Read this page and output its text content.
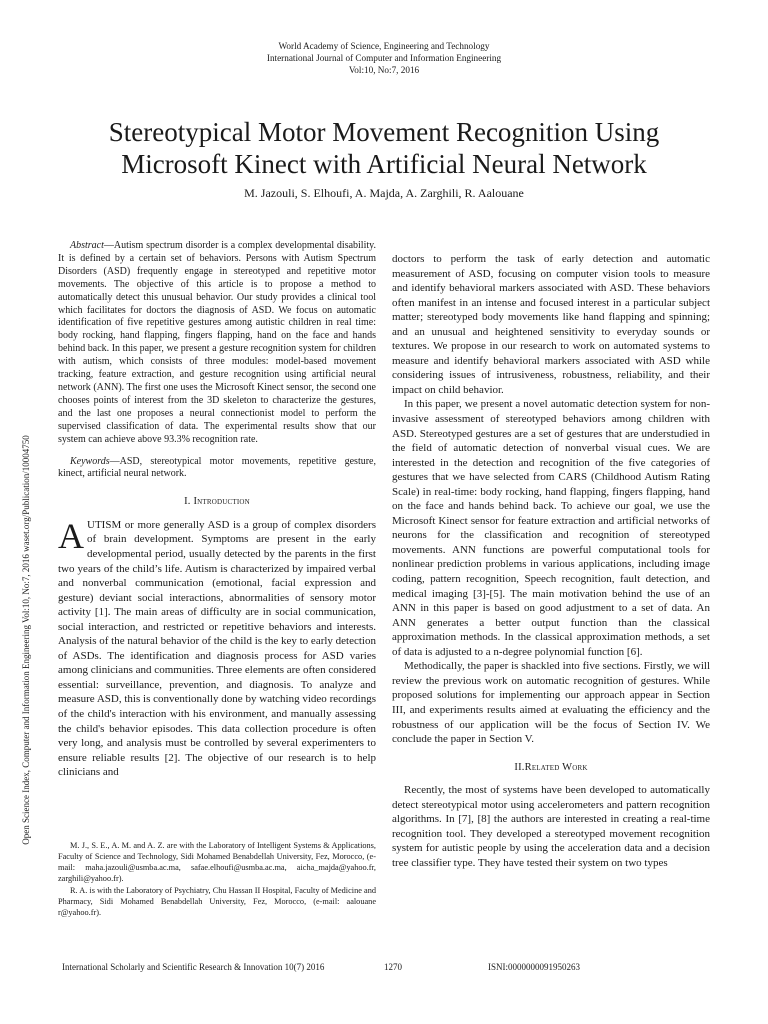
World Academy of Science, Engineering and Technology
International Journal of Computer and Information Engineering
Vol:10, No:7, 2016
Stereotypical Motor Movement Recognition Using
Microsoft Kinect with Artificial Neural Network
M. Jazouli, S. Elhoufi, A. Majda, A. Zarghili, R. Aalouane
Open Science Index, Computer and Information Engineering Vol:10, No:7, 2016 waset.org/Publication/10004750

Abstract—Autism spectrum disorder is a complex developmental disability. It is defined by a certain set of behaviors. Persons with Autism Spectrum Disorders (ASD) frequently engage in stereotyped and repetitive motor movements. The objective of this article is to propose a method to automatically detect this unusual behavior. Our study provides a clinical tool which facilitates for doctors the diagnosis of ASD. We focus on automatic identification of five repetitive gestures among autistic children in real time: body rocking, hand flapping, fingers flapping, hand on the face and hands behind back. In this paper, we present a gesture recognition system for children with autism, which consists of three modules: model-based movement tracking, feature extraction, and gesture recognition using artificial neural network (ANN). The first one uses the Microsoft Kinect sensor, the second one chooses points of interest from the 3D skeleton to characterize the gestures, and the last one proposes a neural connectionist model to perform the supervised classification of data. The experimental results show that our system can achieve above 93.3% recognition rate.

Keywords—ASD, stereotypical motor movements, repetitive gesture, kinect, artificial neural network.

I. Introduction

AUTISM or more generally ASD is a group of complex disorders of brain development. Symptoms are present in the early developmental period, usually detected by the parents in the first two years of the child’s life. Autism is characterized by impaired verbal and nonverbal communication (emotional, facial expression and gesture) deviant social interactions, abnormalities of sensory motor activity [1]. The main areas of difficulty are in social communication, social interaction, and restricted or repetitive behaviors and interests. Analysis of the natural behavior of the child is the key to early detection of ASDs. The identification and diagnosis process for ASD varies among clinicians and communities. Three elements are often considered essential: surveillance, prevention, and diagnosis. To analyze and measure ASD, this is conventionally done by watching video recordings of the child's interaction with his environment, and manually assessing the child's behavior episodes. This data collection procedure is often very long, and analysis must be controlled by several experimenters to ensure reliable results [2]. The objective of our research is to help clinicians and

doctors to perform the task of early detection and automatic measurement of ASD, focusing on computer vision tools to measure and identify behavioral markers associated with ASD. These behaviors often manifest in an intense and focused interest in a particular subject matter; stereotyped body movements like hand flapping and spinning; and an unusual and heightened sensitivity to everyday sounds or textures. We propose in our research to work on automated systems to measure and identify behavioral markers associated with ASD while considering issues of intrusiveness, robustness, reliability, and their impact on child behavior.

In this paper, we present a novel automatic detection system for non-invasive assessment of stereotyped behaviors among children with ASD. Stereotyped gestures are a set of gestures that are understudied in the field of automatic detection of nonverbal visual cues. We are interested in the detection and recognition of the five categories of gestures that we have selected from CARS (Childhood Autism Rating Scale) in real-time: body rocking, hand flapping, fingers flapping, hand on the face and hands behind back. To achieve our goal, we use the Microsoft Kinect sensor for feature extraction and artificial networks of neurons for the classification and recognition of stereotyped movements. ANN functions are powerful computational tools for nonlinear prediction problems in various applications, including image coding, pattern recognition, Speech recognition, fault detection, and medical imaging [3]-[5]. The main motivation behind the use of an ANN in this paper is based on good adjustment to a set of data. An ANN generates a better output function than the classical approximation methods. In the classical approximation methods, a set of data is adjusted to a n-degree polynomial function [6].

Methodically, the paper is shackled into five sections. Firstly, we will review the previous work on automatic recognition of gestures. While proposed solutions for implementing our approach appear in Section III, and experiments results aimed at evaluating the efficiency and the robustness of our application will be the focus of Section IV. We conclude the paper in Section V.

II.Related Work

Recently, the most of systems have been developed to automatically detect stereotypical motor using accelerometers and pattern recognition algorithms. In [7], [8] the authors are interested in creating a real-time recognition tool. They developed a stereotyped movement recognition system for autistic people by using the acceleration data and a decision tree classifier type. They have tested their system on two types

M. J., S. E., A. M. and A. Z. are with the Laboratory of Intelligent Systems & Applications, Faculty of Science and Technology, Sidi Mohamed Benabdellah University, Fez, Morocco, (e-mail: maha.jazouli@usmba.ac.ma, safae.elhoufi@usmba.ac.ma, aicha_majda@yahoo.fr, zarghili@yahoo.fr).

R. A. is with the Laboratory of Psychiatry, Chu Hassan II Hospital, Faculty of Medicine and Pharmacy, Sidi Mohamed Benabdellah University, Fez, Morocco, (e-mail: aalouane r@yahoo.fr).

International Scholarly and Scientific Research & Innovation 10(7) 2016	1270	ISNI:0000000091950263
